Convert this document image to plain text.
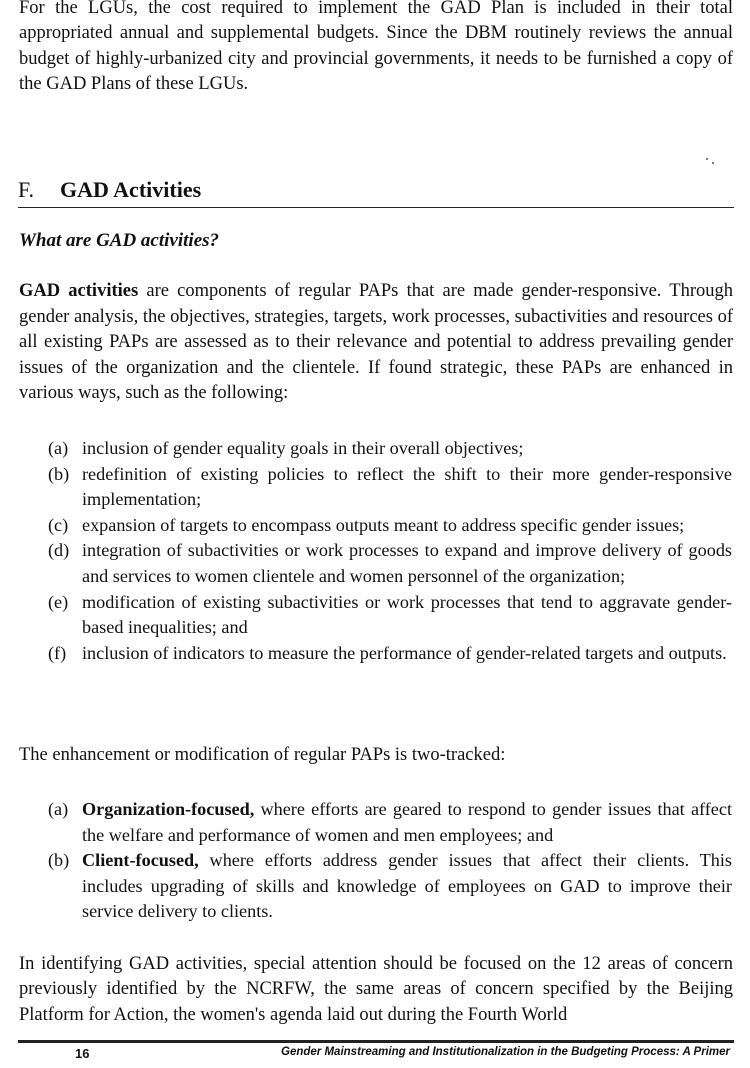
For the LGUs, the cost required to implement the GAD Plan is included in their total appropriated annual and supplemental budgets. Since the DBM routinely reviews the annual budget of highly-urbanized city and provincial governments, it needs to be furnished a copy of the GAD Plans of these LGUs.

F. GAD Activities
What are GAD activities?

GAD activities are components of regular PAPs that are made gender-responsive. Through gender analysis, the objectives, strategies, targets, work processes, subactivities and resources of all existing PAPs are assessed as to their relevance and potential to address prevailing gender issues of the organization and the clientele. If found strategic, these PAPs are enhanced in various ways, such as the following:

(a) inclusion of gender equality goals in their overall objectives;
(b) redefinition of existing policies to reflect the shift to their more gender-responsive implementation;
(c) expansion of targets to encompass outputs meant to address specific gender issues;
(d) integration of subactivities or work processes to expand and improve delivery of goods and services to women clientele and women personnel of the organization;
(e) modification of existing subactivities or work processes that tend to aggravate gender-based inequalities; and
(f) inclusion of indicators to measure the performance of gender-related targets and outputs.

The enhancement or modification of regular PAPs is two-tracked:

(a) Organization-focused, where efforts are geared to respond to gender issues that affect the welfare and performance of women and men employees; and
(b) Client-focused, where efforts address gender issues that affect their clients. This includes upgrading of skills and knowledge of employees on GAD to improve their service delivery to clients.

In identifying GAD activities, special attention should be focused on the 12 areas of concern previously identified by the NCRFW, the same areas of concern specified by the Beijing Platform for Action, the women's agenda laid out during the Fourth World

16	Gender Mainstreaming and Institutionalization in the Budgeting Process: A Primer
